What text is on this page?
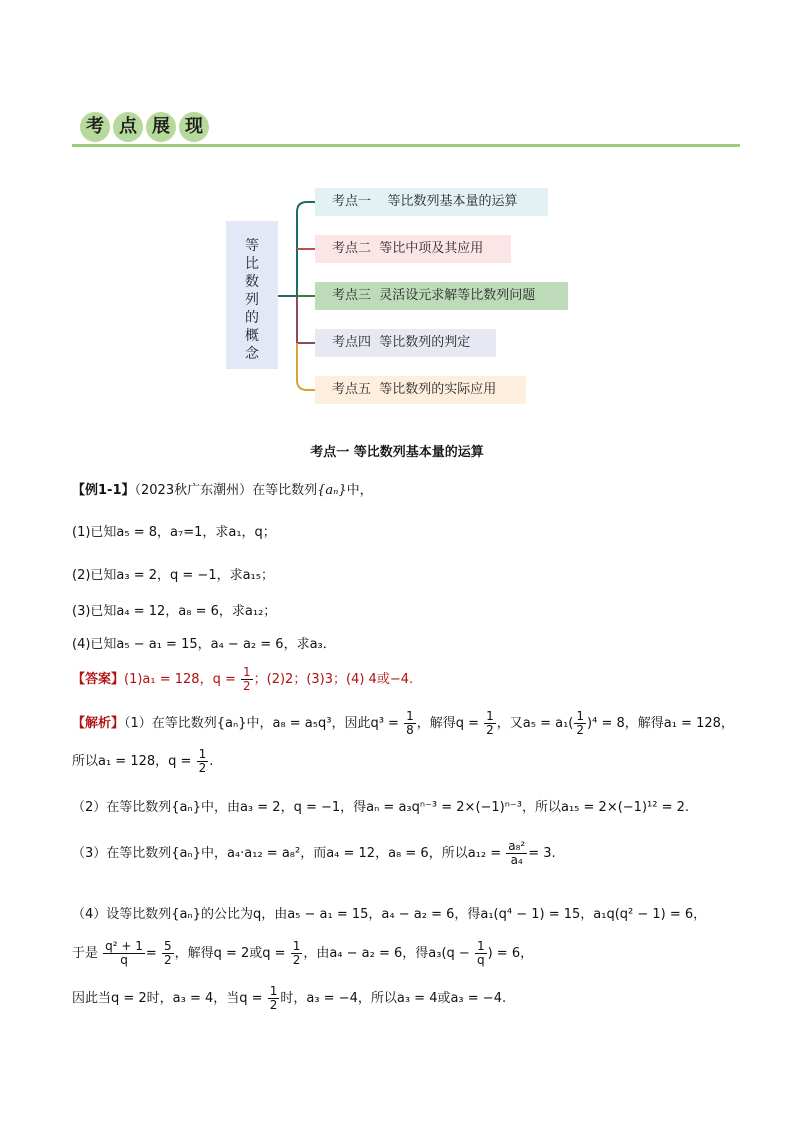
考 点 展 现
等
比
数
列
的
概
念
考点一    等比数列基本量的运算
考点二  等比中项及其应用
考点三  灵活设元求解等比数列问题
考点四  等比数列的判定
考点五  等比数列的实际应用
考点一 等比数列基本量的运算
【例1-1】（2023秋广东潮州）在等比数列{aₙ}中，
(1)已知a₅ = 8，a₇=1，求a₁，q；
(2)已知a₃ = 2，q = −1，求a₁₅；
(3)已知a₄ = 12，a₈ = 6，求a₁₂；
(4)已知a₅ − a₁ = 15，a₄ − a₂ = 6，求a₃．
【答案】(1)a₁ = 128，$q = \frac{1}{2}$ ；(2)2；(3)3；(4) 4或−4.
【解析】（1）在等比数列{aₙ}中，a₈ = a₅q³，因此$q^3 = \frac{1}{8}$ ，解得$q = \frac{1}{2}$ ，又$a_5 = a_1( \frac{1}{2} )^4 = 8$，解得a₁ = 128，
所以a₁ = 128，$q = \frac{1}{2}$ .
（2）在等比数列{aₙ}中，由a₃ = 2，q = −1，得aₙ = a₃qⁿ⁻³ = 2×(−1)ⁿ⁻³，所以a₁₅ = 2×(−1)¹² = 2.
（3）在等比数列{aₙ}中，a₄·a₁₂ = a₈²，而a₄ = 12，a₈ = 6，所以$a_{12} = \frac{\text{a₈²}}{\text{a₄}} = 3$.
（4）设等比数列{aₙ}的公比为q，由a₅ − a₁ = 15，a₄ − a₂ = 6，得a₁(q⁴ − 1) = 15，a₁q(q² − 1) = 6，
于是 $\frac{\text{q² + 1}}{q} = \frac{5}{2}$ ，解得q = 2或$q = \frac{1}{2}$ ，由a₄ − a₂ = 6，得$a_3(q - \frac{1}{q}$ ) = 6，
因此当q = 2时，a₃ = 4，当$q = \frac{1}{2}$ 时，a₃ = −4，所以a₃ = 4或a₃ = −4.
